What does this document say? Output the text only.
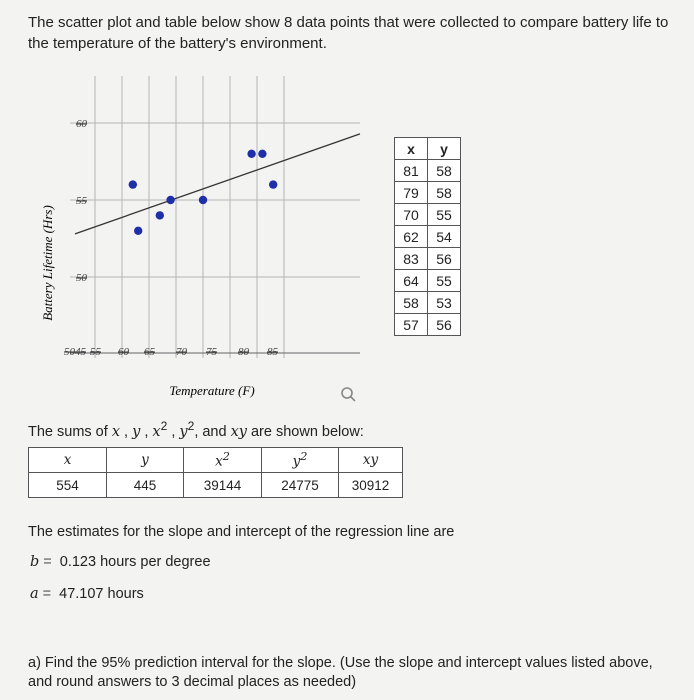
The scatter plot and table below show 8 data points that were collected to compare battery life to the temperature of the battery's environment.
60
55
50
5045 55 60 65 70 75 80 85
Battery Lifetime (Hrs)
Temperature (F)
x	y
81	58
79	58
70	55
62	54
83	56
64	55
58	53
57	56
The sums of x , y , $x^2$ , $y^2$, and xy are shown below:
x	y	$x^2$	$y^2$	xy
554	445	39144	24775	30912
The estimates for the slope and intercept of the regression line are
b = 0.123 hours per degree
a = 47.107 hours
a) Find the 95% prediction interval for the slope. (Use the slope and intercept values listed above, and round answers to 3 decimal places as needed)
